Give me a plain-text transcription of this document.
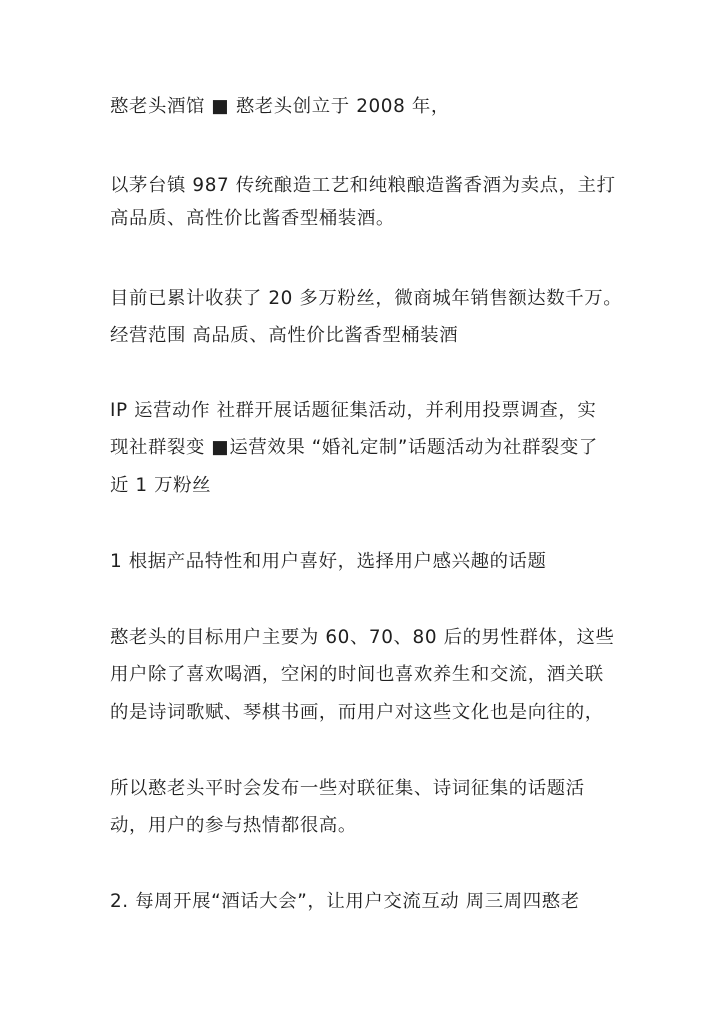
憨老头酒馆 ■ 憨老头创立于 2008 年，
以茅台镇 987 传统酿造工艺和纯粮酿造酱香酒为卖点，主打
高品质、高性价比酱香型桶装酒。
目前已累计收获了 20 多万粉丝，微商城年销售额达数千万。
经营范围 高品质、高性价比酱香型桶装酒
IP 运营动作 社群开展话题征集活动，并利用投票调查，实
现社群裂变 ■运营效果 “婚礼定制”话题活动为社群裂变了
近 1 万粉丝
1 根据产品特性和用户喜好，选择用户感兴趣的话题
憨老头的目标用户主要为 60、70、80 后的男性群体，这些
用户除了喜欢喝酒，空闲的时间也喜欢养生和交流，酒关联
的是诗词歌赋、琴棋书画，而用户对这些文化也是向往的，
所以憨老头平时会发布一些对联征集、诗词征集的话题活
动，用户的参与热情都很高。
2. 每周开展“酒话大会”，让用户交流互动 周三周四憨老
